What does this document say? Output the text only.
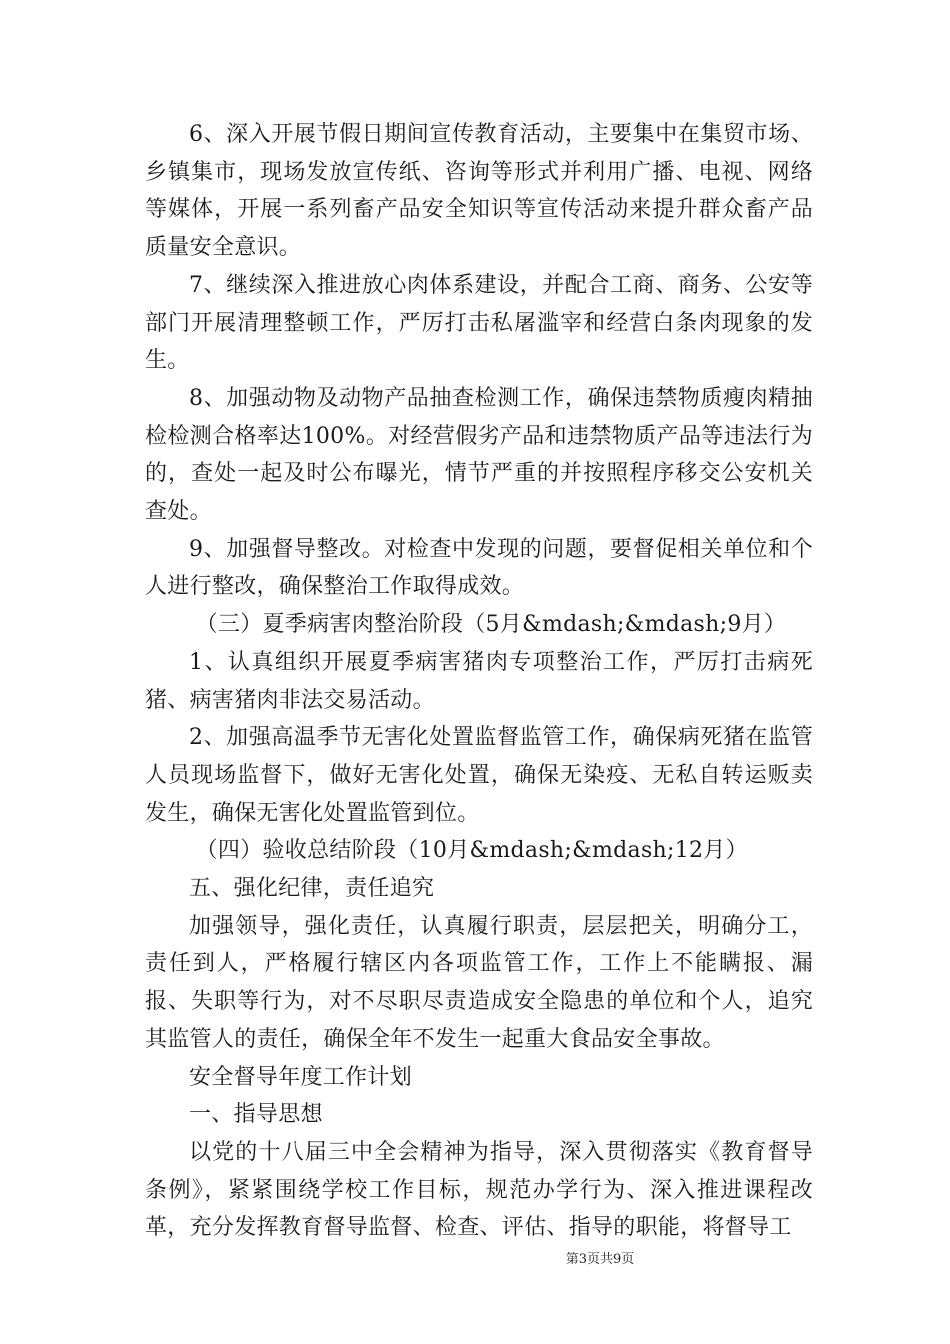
6、深入开展节假日期间宣传教育活动，主要集中在集贸市场、乡镇集市，现场发放宣传纸、咨询等形式并利用广播、电视、网络等媒体，开展一系列畜产品安全知识等宣传活动来提升群众畜产品质量安全意识。

7、继续深入推进放心肉体系建设，并配合工商、商务、公安等部门开展清理整顿工作，严厉打击私屠滥宰和经营白条肉现象的发生。

8、加强动物及动物产品抽查检测工作，确保违禁物质瘦肉精抽检检测合格率达100%。对经营假劣产品和违禁物质产品等违法行为的，查处一起及时公布曝光，情节严重的并按照程序移交公安机关查处。

9、加强督导整改。对检查中发现的问题，要督促相关单位和个人进行整改，确保整治工作取得成效。

（三）夏季病害肉整治阶段（5月&mdash;&mdash;9月）

1、认真组织开展夏季病害猪肉专项整治工作，严厉打击病死猪、病害猪肉非法交易活动。

2、加强高温季节无害化处置监督监管工作，确保病死猪在监管人员现场监督下，做好无害化处置，确保无染疫、无私自转运贩卖发生，确保无害化处置监管到位。

（四）验收总结阶段（10月&mdash;&mdash;12月）

五、强化纪律，责任追究

加强领导，强化责任，认真履行职责，层层把关，明确分工，责任到人，严格履行辖区内各项监管工作，工作上不能瞒报、漏报、失职等行为，对不尽职尽责造成安全隐患的单位和个人，追究其监管人的责任，确保全年不发生一起重大食品安全事故。

安全督导年度工作计划

一、指导思想

以党的十八届三中全会精神为指导，深入贯彻落实《教育督导条例》，紧紧围绕学校工作目标，规范办学行为、深入推进课程改革，充分发挥教育督导监督、检查、评估、指导的职能，将督导工

第3页共9页
